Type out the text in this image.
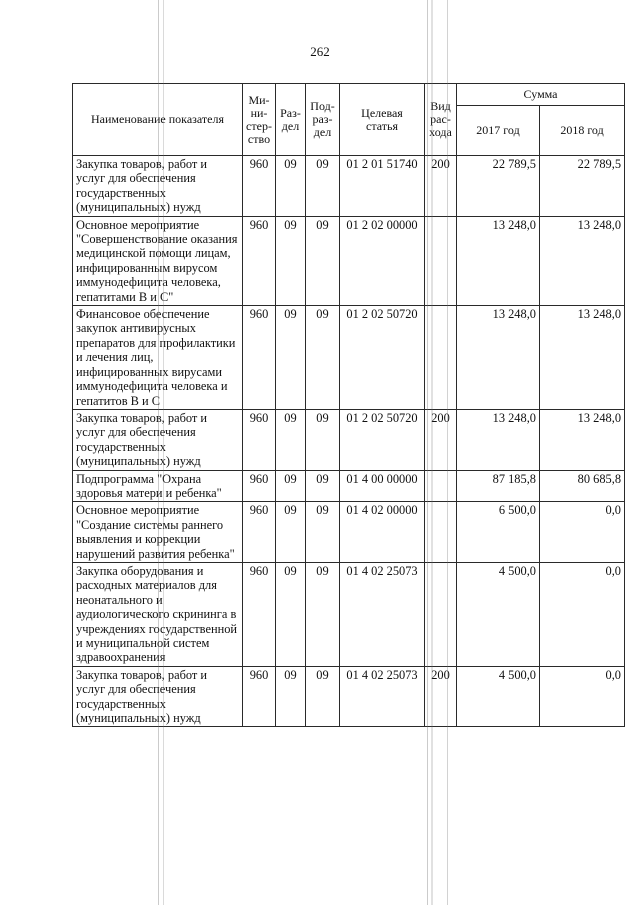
262
Наименование показателя	Ми-
ни-
стер-
ство	Раз-
дел	Под-
раз-
дел	Целевая
статья	Вид
рас-
хода	Сумма	
						2017 год	2018 год
Закупка товаров, работ и услуг для обеспечения государственных (муниципальных) нужд	960	09	09	01 2 01 51740	200	22 789,5	22 789,5
Основное мероприятие "Совершенствование оказания медицинской помощи лицам, инфицированным вирусом иммунодефицита человека, гепатитами В и С"	960	09	09	01 2 02 00000		13 248,0	13 248,0
Финансовое обеспечение закупок антивирусных препаратов для профилактики и лечения лиц, инфицированных вирусами иммунодефицита человека и гепатитов В и С	960	09	09	01 2 02 50720		13 248,0	13 248,0
Закупка товаров, работ и услуг для обеспечения государственных (муниципальных) нужд	960	09	09	01 2 02 50720	200	13 248,0	13 248,0
Подпрограмма "Охрана здоровья матери и ребенка"	960	09	09	01 4 00 00000		87 185,8	80 685,8
Основное мероприятие "Создание системы раннего выявления и коррекции нарушений развития ребенка"	960	09	09	01 4 02 00000		6 500,0	0,0
Закупка оборудования и расходных материалов для неонатального и аудиологического скрининга в учреждениях государственной и муниципальной систем здравоохранения	960	09	09	01 4 02 25073		4 500,0	0,0
Закупка товаров, работ и услуг для обеспечения государственных (муниципальных) нужд	960	09	09	01 4 02 25073	200	4 500,0	0,0
